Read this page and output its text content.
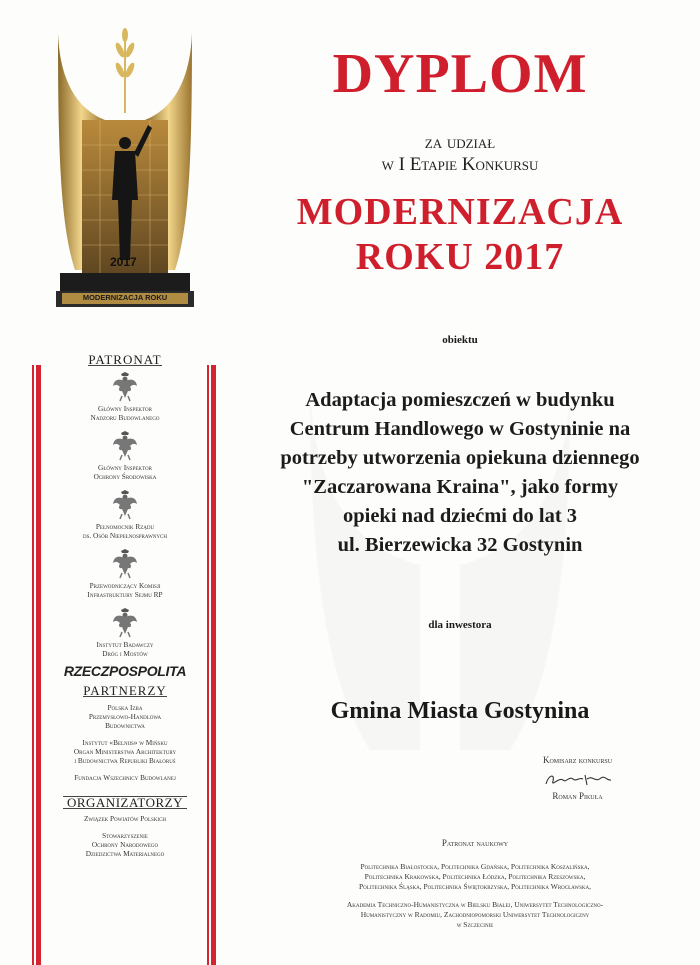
2017
MODERNIZACJA ROKU
PATRONAT
Główny Inspektor
Nadzoru Budowlanego
Główny Inspektor
Ochrony Środowiska
Pełnomocnik Rządu
ds. Osób Niepełnosprawnych
Przewodniczący Komisji
Infrastruktury Sejmu RP
Instytut Badawczy
Dróg i Mostów
RZECZPOSPOLITA
PARTNERZY
Polska Izba
Przemysłowo-Handlowa
Budownictwa
Instytut «Belniis» w Mińsku
Organ Ministerstwa Architektury
i Budownictwa Republiki Białoruś
Fundacja Wszechnicy Budowlanej
ORGANIZATORZY
Związek Powiatów Polskich
Stowarzyszenie
Ochrony Narodowego
Dziedzictwa Materialnego
DYPLOM
za udział
w I Etapie Konkursu
MODERNIZACJA
ROKU 2017
obiektu
Adaptacja pomieszczeń w budynku
Centrum Handlowego w Gostyninie na
potrzeby utworzenia opiekuna dziennego
"Zaczarowana Kraina", jako formy
opieki nad dziećmi do lat 3
ul. Bierzewicka 32 Gostynin
dla inwestora
Gmina Miasta Gostynina
Komisarz konkursu
Roman Pikuła
Patronat naukowy
Politechnika Białostocka, Politechnika Gdańska, Politechnika Koszalińska,
Politechnika Krakowska, Politechnika Łódzka, Politechnika Rzeszowska,
Politechnika Śląska, Politechnika Świętokrzyska, Politechnika Wrocławska,
Akademia Techniczno-Humanistyczna w Bielsku Białej, Uniwersytet Technologiczno-
Humanistyczny w Radomiu, Zachodniopomorski Uniwersytet Technologiczny
w Szczecinie
